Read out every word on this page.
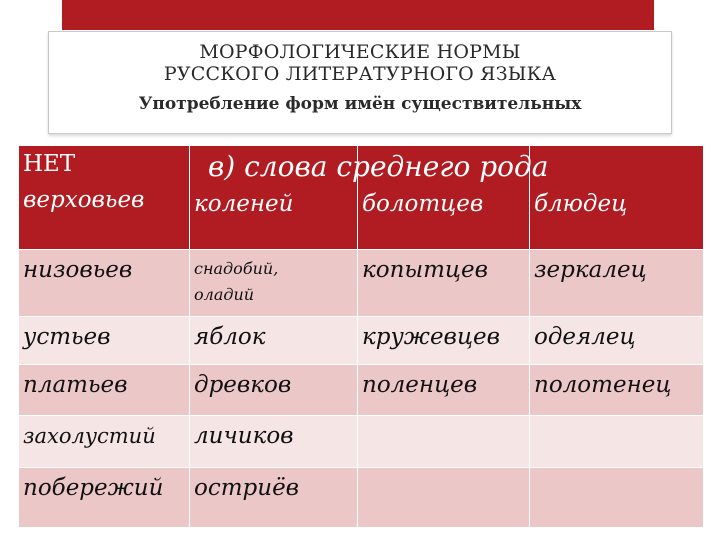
МОРФОЛОГИЧЕСКИЕ НОРМЫ
РУССКОГО ЛИТЕРАТУРНОГО ЯЗЫКА
Употребление форм имён существительных
в) слова среднего рода
НЕТ
верховьев	коленей	болотцев	блюдец

низовьев	снадобий, оладий	копытцев	зеркалец

устьев	яблок	кружевцев	одеялец

платьев	древков	поленцев	полотенец

захолустий	личиков		

побережий	остриёв		
